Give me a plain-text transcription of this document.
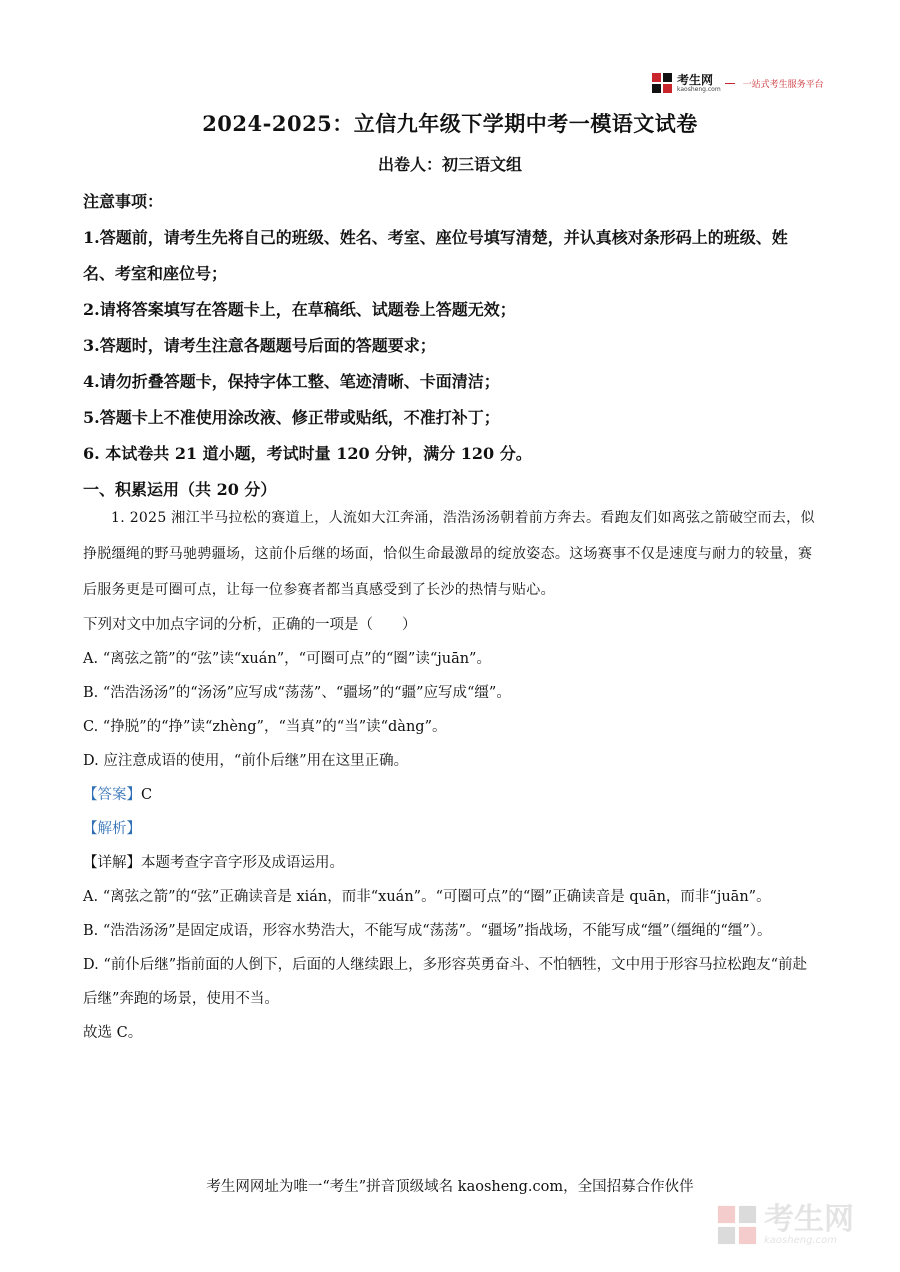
考生网
kaosheng.com 一站式考生服务平台
2024-2025：立信九年级下学期中考一模语文试卷
出卷人：初三语文组

注意事项：

1.答题前，请考生先将自己的班级、姓名、考室、座位号填写清楚，并认真核对条形码上的班级、姓名、考室和座位号；

2.请将答案填写在答题卡上，在草稿纸、试题卷上答题无效；

3.答题时，请考生注意各题题号后面的答题要求；

4.请勿折叠答题卡，保持字体工整、笔迹清晰、卡面清洁；

5.答题卡上不准使用涂改液、修正带或贴纸，不准打补丁；

6. 本试卷共 21 道小题，考试时量 120 分钟，满分 120 分。

一、积累运用（共 20 分）

1. 2025 湘江半马拉松的赛道上，人流如大江奔涌，浩浩汤汤朝着前方奔去。看跑友们如离弦之箭破空而去，似挣脱缰绳的野马驰骋疆场，这前仆后继的场面，恰似生命最激昂的绽放姿态。这场赛事不仅是速度与耐力的较量，赛后服务更是可圈可点，让每一位参赛者都当真感受到了长沙的热情与贴心。

下列对文中加点字词的分析，正确的一项是（　　）

A. “离弦之箭”的“弦”读“xuán”，“可圈可点”的“圈”读“juān”。

B. “浩浩汤汤”的“汤汤”应写成“荡荡”、“疆场”的“疆”应写成“缰”。

C. “挣脱”的“挣”读“zhèng”，“当真”的“当”读“dàng”。

D. 应注意成语的使用，“前仆后继”用在这里正确。

【答案】C

【解析】

【详解】本题考查字音字形及成语运用。

A. “离弦之箭”的“弦”正确读音是 xián，而非“xuán”。“可圈可点”的“圈”正确读音是 quān，而非“juān”。

B. “浩浩汤汤”是固定成语，形容水势浩大，不能写成“荡荡”。“疆场”指战场，不能写成“缰”（缰绳的“缰”）。

D. “前仆后继”指前面的人倒下，后面的人继续跟上，多形容英勇奋斗、不怕牺牲，文中用于形容马拉松跑友“前赴后继”奔跑的场景，使用不当。

故选 C。

考生网网址为唯一“考生”拼音顶级域名 kaosheng.com，全国招募合作伙伴
考生网
kaosheng.com
